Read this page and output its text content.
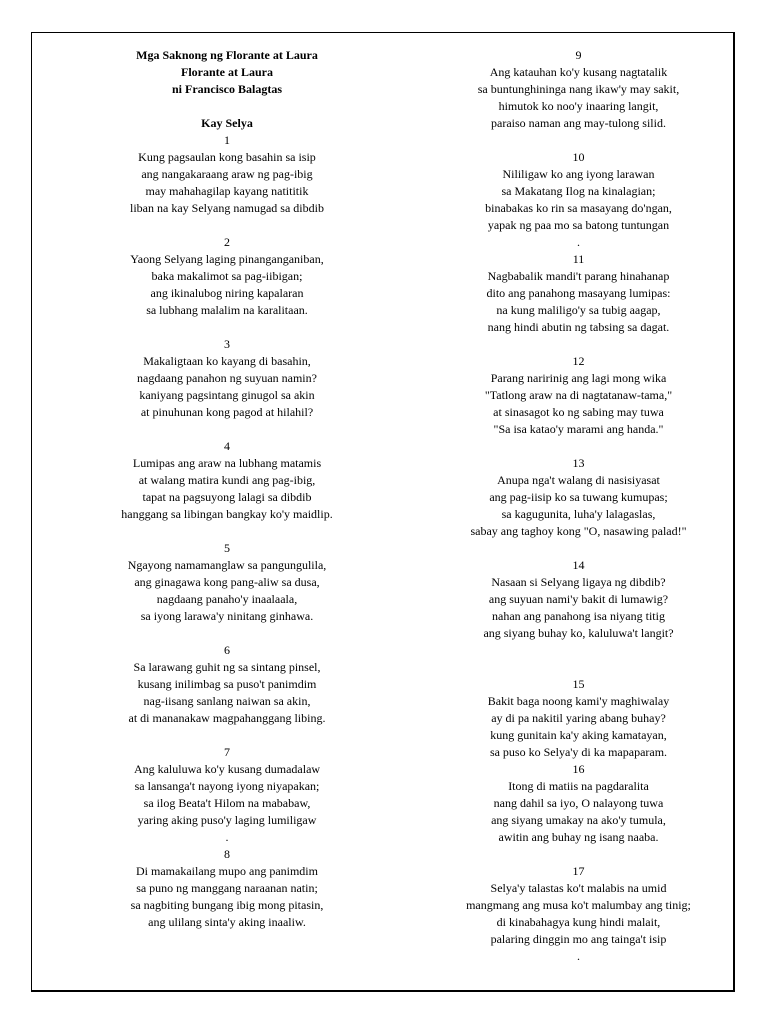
Mga Saknong ng Florante at Laura
Florante at Laura
ni Francisco Balagtas
Kay Selya
1
Kung pagsaulan kong basahin sa isip
ang nangakaraang araw ng pag-ibig
may mahahagilap kayang natititik
liban na kay Selyang namugad sa dibdib
2
Yaong Selyang laging pinanganganiban,
baka makalimot sa pag-iibigan;
ang ikinalubog niring kapalaran
sa lubhang malalim na karalitaan.
3
Makaligtaan ko kayang di basahin,
nagdaang panahon ng suyuan namin?
kaniyang pagsintang ginugol sa akin
at pinuhunan kong pagod at hilahil?
4
Lumipas ang araw na lubhang matamis
at walang matira kundi ang pag-ibig,
tapat na pagsuyong lalagi sa dibdib
hanggang sa libingan bangkay ko'y maidlip.
5
Ngayong namamanglaw sa pangungulila,
ang ginagawa kong pang-aliw sa dusa,
nagdaang panaho'y inaalaala,
sa iyong larawa'y ninitang ginhawa.
6
Sa larawang guhit ng sa sintang pinsel,
kusang inilimbag sa puso't panimdim
nag-iisang sanlang naiwan sa akin,
at di mananakaw magpahanggang libing.
7
Ang kaluluwa ko'y kusang dumadalaw
sa lansanga't nayong iyong niyapakan;
sa ilog Beata't Hilom na mababaw,
yaring aking puso'y laging lumiligaw
.
8
Di mamakailang mupo ang panimdim
sa puno ng manggang naraanan natin;
sa nagbiting bungang ibig mong pitasin,
ang ulilang sinta'y aking inaaliw.
9
Ang katauhan ko'y kusang nagtatalik
sa buntunghiningа nang ikaw'y may sakit,
himutok ko noo'y inaaring langit,
paraiso naman ang may-tulong silid.
10
Nililigaw ko ang iyong larawan
sa Makatang Ilog na kinalagian;
binabakas ko rin sa masayang do'ngan,
yapak ng paa mo sa batong tuntungan
.
11
Nagbabalik mandi't parang hinahanap
dito ang panahong masayang lumipas:
na kung maliligo'y sa tubig aagap,
nang hindi abutin ng tabsing sa dagat.
12
Parang naririnig ang lagi mong wika
"Tatlong araw na di nagtatanaw-tama,"
at sinasagot ko ng sabing may tuwa
"Sa isa katao'y marami ang handa."
13
Anupa nga't walang di nasisiyasat
ang pag-iisip ko sa tuwang kumupas;
sa kagugunita, luha'y lalagaslas,
sabay ang taghoy kong "O, nasawing palad!"
14
Nasaan si Selyang ligaya ng dibdib?
ang suyuan nami'y bakit di lumawig?
nahan ang panahong isa niyang titig
ang siyang buhay ko, kaluluwa't langit?
15
Bakit baga noong kami'y maghiwalay
ay di pa nakitil yaring abang buhay?
kung gunitain ka'y aking kamatayan,
sa puso ko Selya'y di ka mapaparam.
16
Itong di matiis na pagdaralita
nang dahil sa iyo, O nalayong tuwa
ang siyang umakay na ako'y tumula,
awitin ang buhay ng isang naaba.
17
Selya'y talastas ko't malabis na umid
mangmang ang musa ko't malumbay ang tinig;
di kinabahagya kung hindi malait,
palaring dinggin mo ang tainga't isip
.
